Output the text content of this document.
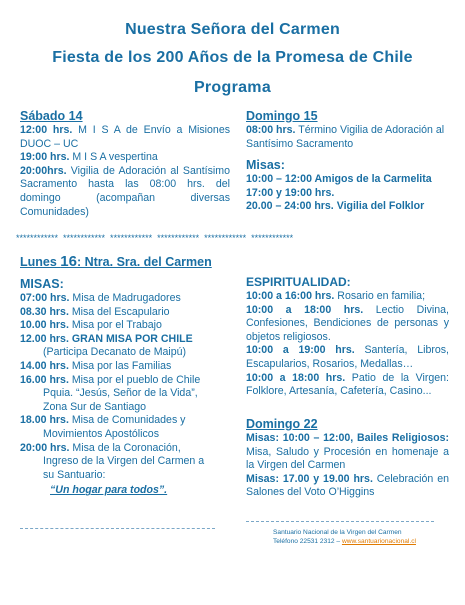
Nuestra Señora del Carmen
Fiesta de los 200 Años de la Promesa de Chile
Programa
Sábado 14

12:00 hrs. M I S A de Envío a Misiones DUOC – UC

19:00 hrs. M I S A vespertina

20:00hrs. Vigilia de Adoración al Santísimo Sacramento hasta las 08:00 hrs. del domingo (acompañan diversas Comunidades)

Domingo 15

08:00 hrs. Término Vigilia de Adoración al Santísimo Sacramento

Misas:

10:00 – 12:00 Amigos de la Carmelita

17:00 y 19:00 hrs.

20.00 – 24:00 hrs. Vigilia del Folklor

************  ************  ************  ************  ************  ************
Lunes 16: Ntra. Sra. del Carmen
MISAS:

07:00 hrs. Misa de Madrugadores

08.30 hrs. Misa del Escapulario

10.00 hrs. Misa por el Trabajo

12.00 hrs. GRAN MISA POR CHILE

(Participa Decanato de Maipú)

14.00 hrs. Misa por las Familias

16.00 hrs. Misa por el pueblo de Chile

Pquia. “Jesús, Señor de la Vida”,

Zona Sur de Santiago

18.00 hrs. Misa de Comunidades y

Movimientos Apostólicos

20:00 hrs. Misa de la Coronación,

Ingreso de la Virgen del Carmen a

su Santuario:

“Un hogar para todos”.

ESPIRITUALIDAD:

10:00 a 16:00 hrs. Rosario en familia;

10:00 a 18:00 hrs. Lectio Divina, Confesiones, Bendiciones de personas y objetos religiosos.

10:00 a 19:00 hrs. Santería, Libros, Escapularios, Rosarios, Medallas…

10:00 a 18:00 hrs. Patio de la Virgen: Folklore, Artesanía, Cafetería, Casino...

Domingo 22

Misas: 10:00 – 12:00, Bailes Religiosos: Misa, Saludo y Procesión en homenaje a la Virgen del Carmen

Misas: 17.00 y 19.00 hrs. Celebración en Salones del Voto O’Higgins

Santuario Nacional de la Virgen del Carmen
Teléfono 22531 2312 – www.santuarionacional.cl
